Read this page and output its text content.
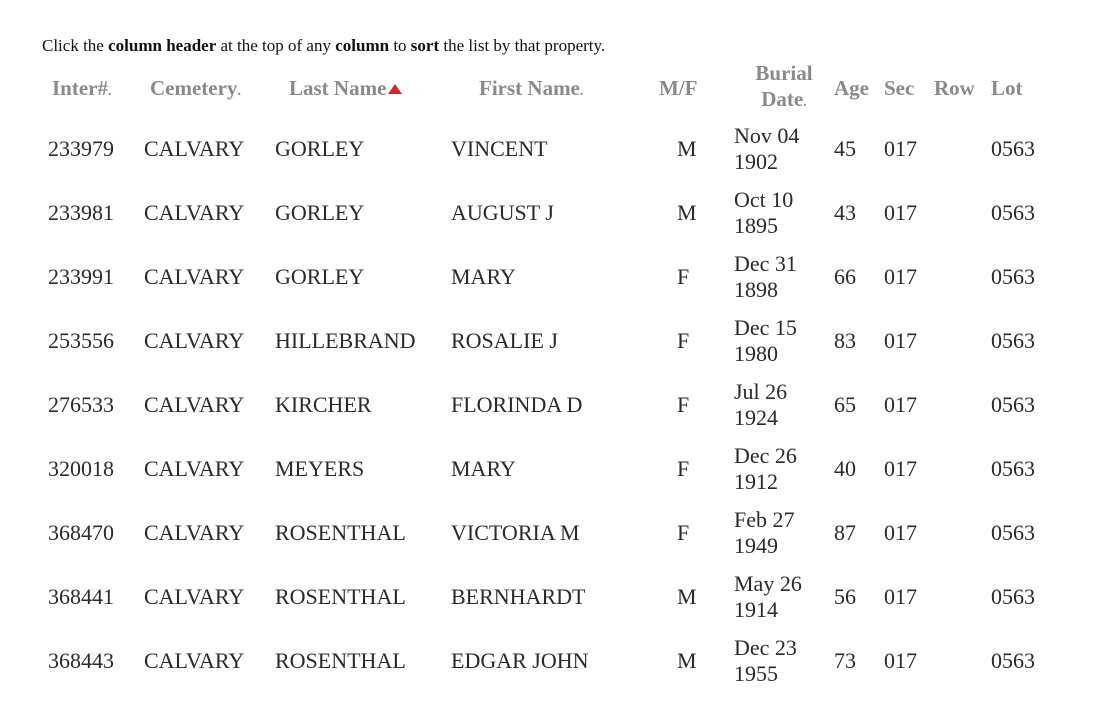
Click the column header at the top of any column to sort the list by that property.
Inter#.	Cemetery.	Last Name	First Name.	M/F	Burial
Date.	Age	Sec	Row	Lot
233979	CALVARY	GORLEY	VINCENT	M	Nov 04
1902	45	017		0563
233981	CALVARY	GORLEY	AUGUST J	M	Oct 10
1895	43	017		0563
233991	CALVARY	GORLEY	MARY	F	Dec 31
1898	66	017		0563
253556	CALVARY	HILLEBRAND	ROSALIE J	F	Dec 15
1980	83	017		0563
276533	CALVARY	KIRCHER	FLORINDA D	F	Jul 26
1924	65	017		0563
320018	CALVARY	MEYERS	MARY	F	Dec 26
1912	40	017		0563
368470	CALVARY	ROSENTHAL	VICTORIA M	F	Feb 27
1949	87	017		0563
368441	CALVARY	ROSENTHAL	BERNHARDT	M	May 26
1914	56	017		0563
368443	CALVARY	ROSENTHAL	EDGAR JOHN	M	Dec 23
1955	73	017		0563
